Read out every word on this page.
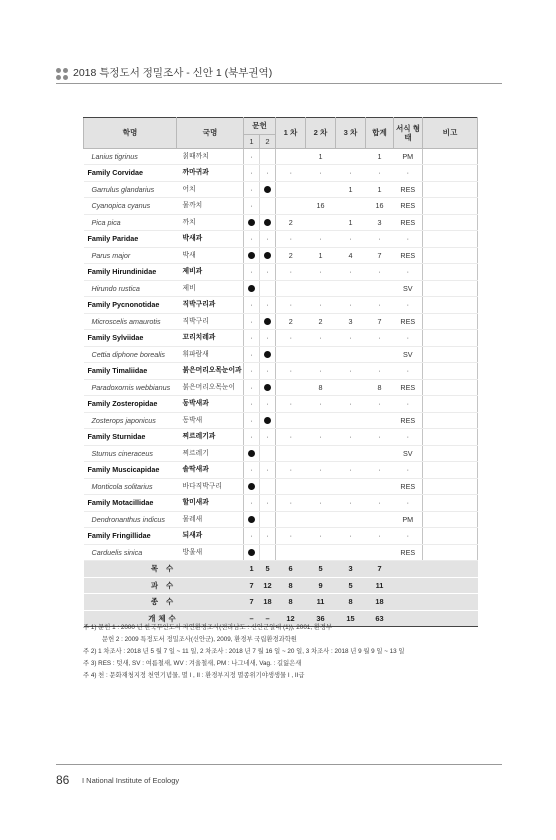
2018 특정도서 정밀조사 - 신안 1 (북부권역)
학명	국명	문헌		1 차	2 차	3 차	합계	서식 형태	비고
		1	2						
Lanius tigrinus	칡때까치	·			1		1	PM	
Family Corvidae	까마귀과	·	·	·	·	·	·	·	
Garrulus glandarius	어치	·				1	1	RES	
Cyanopica cyanus	물까치	·			16		16	RES	
Pica pica	까치			2		1	3	RES	
Family Paridae	박새과	·	·	·	·	·	·	·	
Parus major	박새			2	1	4	7	RES	
Family Hirundinidae	제비과	·	·	·	·	·	·	·	
Hirundo rustica	제비							SV	
Family Pycnonotidae	직박구리과	·	·	·	·	·	·	·	
Microscelis amaurotis	직박구리	·		2	2	3	7	RES	
Family Sylviidae	꼬리치레과	·	·	·	·	·	·	·	
Cettia diphone borealis	휘파람새	·						SV	
Family Timaliidae	붉은머리오목눈이과	·	·	·	·	·	·	·	
Paradoxornis webbianus	붉은머리오목눈이	·			8		8	RES	
Family Zosteropidae	동박새과	·	·	·	·	·	·	·	
Zosterops japonicus	동박새	·						RES	
Family Sturnidae	찌르레기과	·	·	·	·	·	·	·	
Sturnus cineraceus	찌르레기							SV	
Family Muscicapidae	솔딱새과	·	·	·	·	·	·	·	
Monticola solitarius	바다직박구리							RES	
Family Motacillidae	할미새과	·	·	·	·	·	·	·	
Dendronanthus indicus	물레새							PM	
Family Fringillidae	되새과	·	·	·	·	·	·	·	
Carduelis sinica	방울새							RES	
목 수		1	5	6	5	3	7		
과 수		7	12	8	9	5	11		
종 수		7	18	8	11	8	18		
개체수		–	–	12	36	15	63		
주 1) 문헌 1 : 2000 년 한국무인도서 자연환경조사(전라남도 : 신안군일대 (1)), 2001, 환경부
문헌 2 : 2009 특정도서 정밀조사(신안군), 2009, 환경부 국립환경과학원
주 2) 1 차조사 : 2018 년 5 월 7 일 ~ 11 일, 2 차조사 : 2018 년 7 월 16 일 ~ 20 일, 3 차조사 : 2018 년 9 월 9 일 ~ 13 일
주 3) RES : 텃새, SV : 여름철새, WV : 겨울철새, PM : 나그네새, Vag. : 길잃은새
주 4) 천 : 문화재청지정 천연기념물, 멸 I , II : 환경부지정 멸종위기야생생물 I , II급
86 I National Institute of Ecology
